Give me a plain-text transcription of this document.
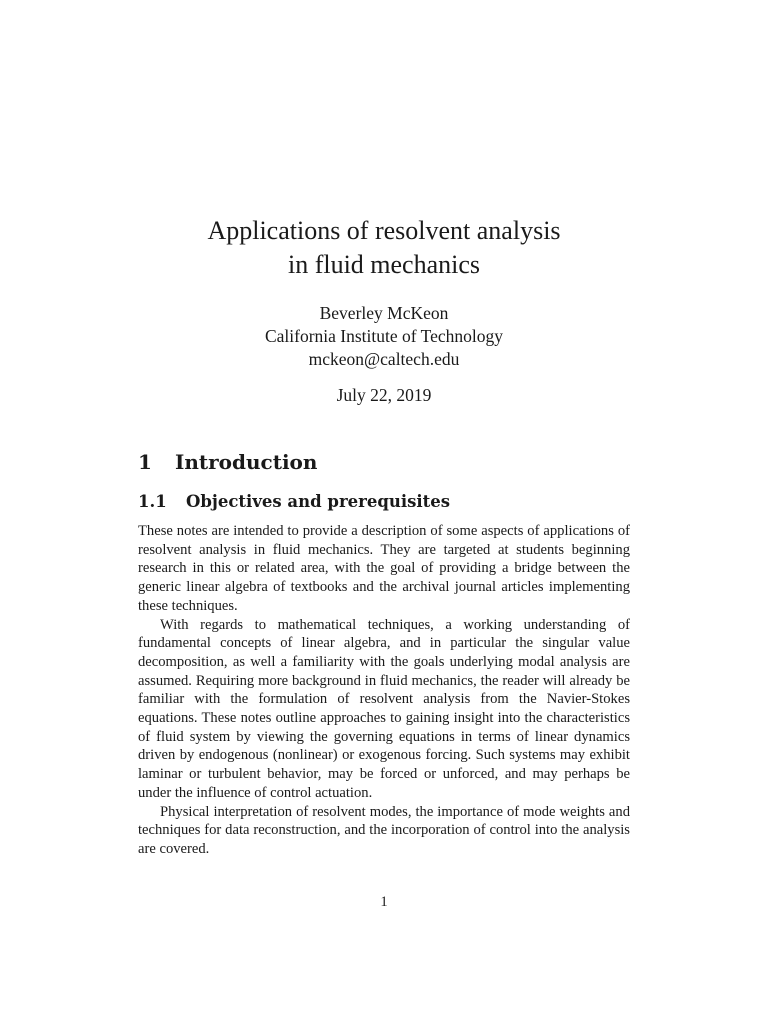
Applications of resolvent analysis

in fluid mechanics

Beverley McKeon
California Institute of Technology
mckeon@caltech.edu
July 22, 2019
1 Introduction
1.1 Objectives and prerequisites

These notes are intended to provide a description of some aspects of applications of resolvent analysis in fluid mechanics. They are targeted at students beginning research in this or related area, with the goal of providing a bridge between the generic linear algebra of textbooks and the archival journal articles implementing these techniques.

With regards to mathematical techniques, a working understanding of fundamental concepts of linear algebra, and in particular the singular value decomposition, as well a familiarity with the goals underlying modal analysis are assumed. Requiring more background in fluid mechanics, the reader will already be familiar with the formulation of resolvent analysis from the Navier-Stokes equations. These notes outline approaches to gaining insight into the characteristics of fluid system by viewing the governing equations in terms of linear dynamics driven by endogenous (nonlinear) or exogenous forcing. Such systems may exhibit laminar or turbulent behavior, may be forced or unforced, and may perhaps be under the influence of control actuation.

Physical interpretation of resolvent modes, the importance of mode weights and techniques for data reconstruction, and the incorporation of control into the analysis are covered.

1
